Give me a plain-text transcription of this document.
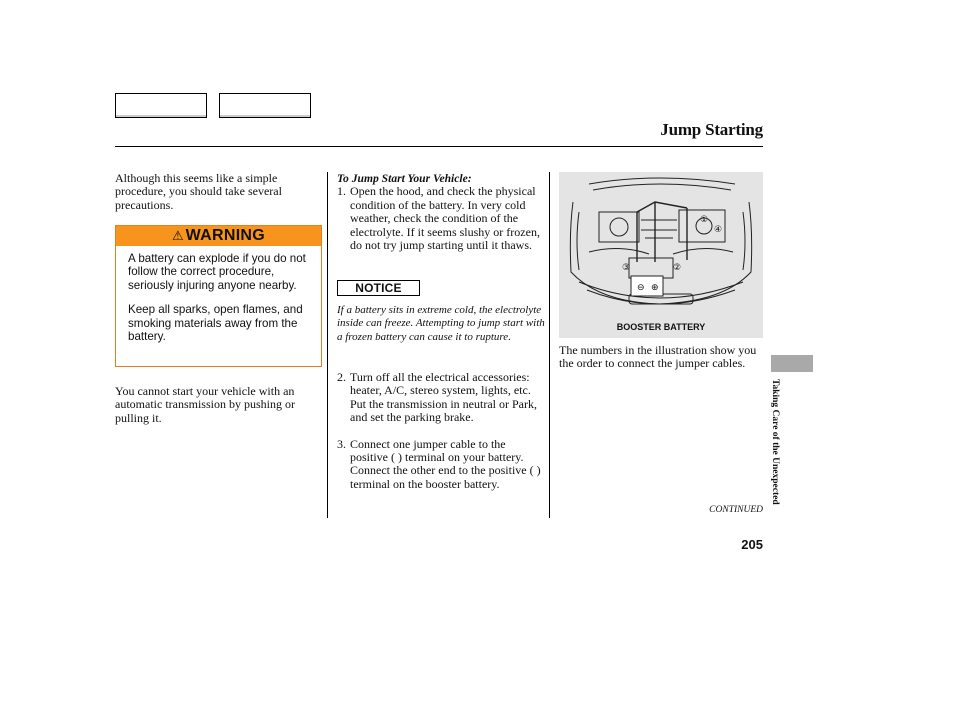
Jump Starting
Although this seems like a simple procedure, you should take several precautions.
⚠ WARNING
A battery can explode if you do not follow the correct procedure, seriously injuring anyone nearby.
Keep all sparks, open flames, and smoking materials away from the battery.
You cannot start your vehicle with an automatic transmission by pushing or pulling it.
To Jump Start Your Vehicle:
1. Open the hood, and check the physical condition of the battery. In very cold weather, check the condition of the electrolyte. If it seems slushy or frozen, do not try jump starting until it thaws.
NOTICE
If a battery sits in extreme cold, the electrolyte inside can freeze. Attempting to jump start with a frozen battery can cause it to rupture.
2. Turn off all the electrical accessories: heater, A/C, stereo system, lights, etc. Put the transmission in neutral or Park, and set the parking brake.
3. Connect one jumper cable to the positive ( ) terminal on your battery. Connect the other end to the positive ( ) terminal on the booster battery.
⊖ ⊕
③	②
①
④
BOOSTER BATTERY
The numbers in the illustration show you the order to connect the jumper cables.
CONTINUED
205
Taking Care of the Unexpected
